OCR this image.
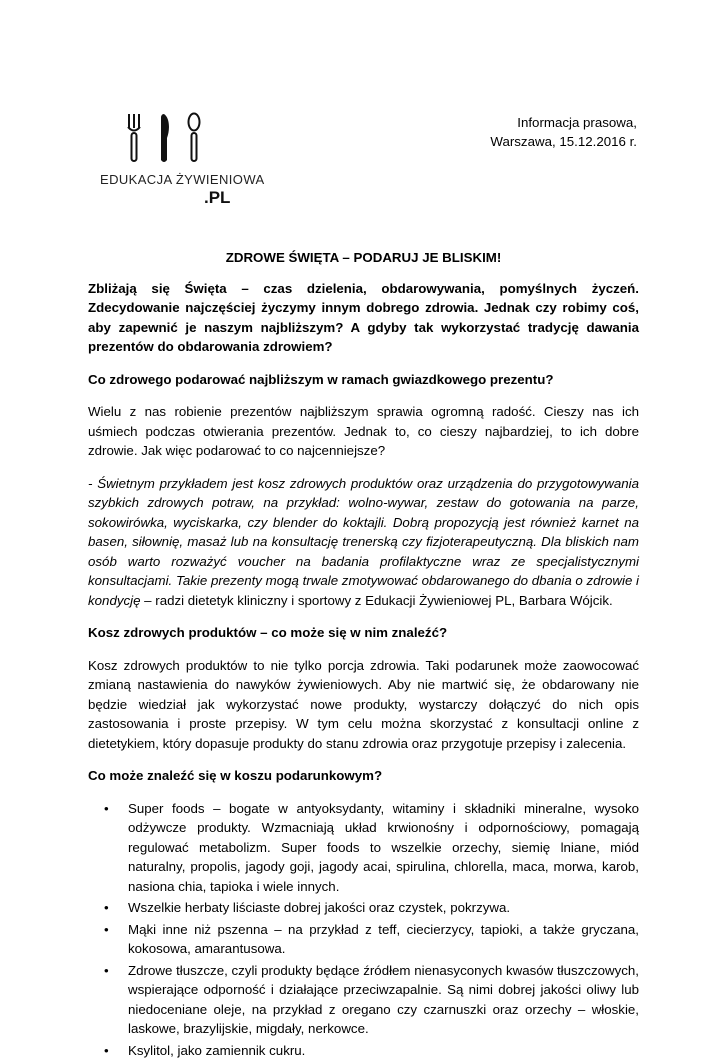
EDUKACJA ŻYWIENIOWA
.PL
Informacja prasowa,
Warszawa, 15.12.2016 r.

ZDROWE ŚWIĘTA – PODARUJ JE BLISKIM!

Zbliżają się Święta – czas dzielenia, obdarowywania, pomyślnych życzeń. Zdecydowanie najczęściej życzymy innym dobrego zdrowia. Jednak czy robimy coś, aby zapewnić je naszym najbliższym? A gdyby tak wykorzystać tradycję dawania prezentów do obdarowania zdrowiem?

Co zdrowego podarować najbliższym w ramach gwiazdkowego prezentu?

Wielu z nas robienie prezentów najbliższym sprawia ogromną radość. Cieszy nas ich uśmiech podczas otwierania prezentów. Jednak to, co cieszy najbardziej, to ich dobre zdrowie. Jak więc podarować to co najcenniejsze?

- Świetnym przykładem jest kosz zdrowych produktów oraz urządzenia do przygotowywania szybkich zdrowych potraw, na przykład: wolno-wywar, zestaw do gotowania na parze, sokowirówka, wyciskarka, czy blender do koktajli. Dobrą propozycją jest również karnet na basen, siłownię, masaż lub na konsultację trenerską czy fizjoterapeutyczną. Dla bliskich nam osób warto rozważyć voucher na badania profilaktyczne wraz ze specjalistycznymi konsultacjami. Takie prezenty mogą trwale zmotywować obdarowanego do dbania o zdrowie i kondycję – radzi dietetyk kliniczny i sportowy z Edukacji Żywieniowej PL, Barbara Wójcik.

Kosz zdrowych produktów – co może się w nim znaleźć?

Kosz zdrowych produktów to nie tylko porcja zdrowia. Taki podarunek może zaowocować zmianą nastawienia do nawyków żywieniowych. Aby nie martwić się, że obdarowany nie będzie wiedział jak wykorzystać nowe produkty, wystarczy dołączyć do nich opis zastosowania i proste przepisy. W tym celu można skorzystać z konsultacji online z dietetykiem, który dopasuje produkty do stanu zdrowia oraz przygotuje przepisy i zalecenia.

Co może znaleźć się w koszu podarunkowym?

• Super foods – bogate w antyoksydanty, witaminy i składniki mineralne, wysoko odżywcze produkty. Wzmacniają układ krwionośny i odpornościowy, pomagają regulować metabolizm. Super foods to wszelkie orzechy, siemię lniane, miód naturalny, propolis, jagody goji, jagody acai, spirulina, chlorella, maca, morwa, karob, nasiona chia, tapioka i wiele innych.
• Wszelkie herbaty liściaste dobrej jakości oraz czystek, pokrzywa.
• Mąki inne niż pszenna – na przykład z teff, ciecierzycy, tapioki, a także gryczana, kokosowa, amarantusowa.
• Zdrowe tłuszcze, czyli produkty będące źródłem nienasyconych kwasów tłuszczowych, wspierające odporność i działające przeciwzapalnie. Są nimi dobrej jakości oliwy lub niedoceniane oleje, na przykład z oregano czy czarnuszki oraz orzechy – włoskie, laskowe, brazylijskie, migdały, nerkowce.
• Ksylitol, jako zamiennik cukru.
